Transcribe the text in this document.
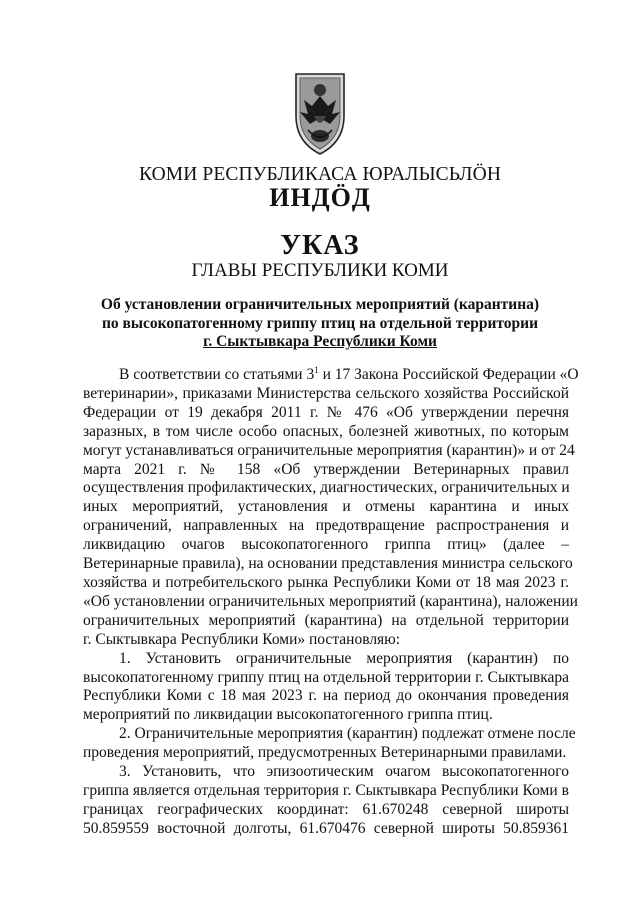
КОМИ РЕСПУБЛИКАСА ЮРАЛЫСЬЛÖН
ИНДÖД
УКАЗ
ГЛАВЫ РЕСПУБЛИКИ КОМИ
Об установлении ограничительных мероприятий (карантина)
по высокопатогенному гриппу птиц на отдельной территории
г. Сыктывкара Республики Коми
В соответствии со статьями $3^1$ и 17 Закона Российской Федерации «О
ветеринарии», приказами Министерства сельского хозяйства Российской
Федерации от 19 декабря 2011 г. № 476 «Об утверждении перечня
заразных, в том числе особо опасных, болезней животных, по которым
могут устанавливаться ограничительные мероприятия (карантин)» и от 24
марта 2021 г. № 158 «Об утверждении Ветеринарных правил
осуществления профилактических, диагностических, ограничительных и
иных мероприятий, установления и отмены карантина и иных
ограничений, направленных на предотвращение распространения и
ликвидацию очагов высокопатогенного гриппа птиц» (далее –
Ветеринарные правила), на основании представления министра сельского
хозяйства и потребительского рынка Республики Коми от 18 мая 2023 г.
«Об установлении ограничительных мероприятий (карантина), наложении
ограничительных мероприятий (карантина) на отдельной территории
г. Сыктывкара Республики Коми» постановляю:
1. Установить ограничительные мероприятия (карантин) по
высокопатогенному гриппу птиц на отдельной территории г. Сыктывкара
Республики Коми с 18 мая 2023 г. на период до окончания проведения
мероприятий по ликвидации высокопатогенного гриппа птиц.
2. Ограничительные мероприятия (карантин) подлежат отмене после
проведения мероприятий, предусмотренных Ветеринарными правилами.
3. Установить, что эпизоотическим очагом высокопатогенного
гриппа является отдельная территория г. Сыктывкара Республики Коми в
границах географических координат: 61.670248 северной широты
50.859559 восточной долготы, 61.670476 северной широты 50.859361
